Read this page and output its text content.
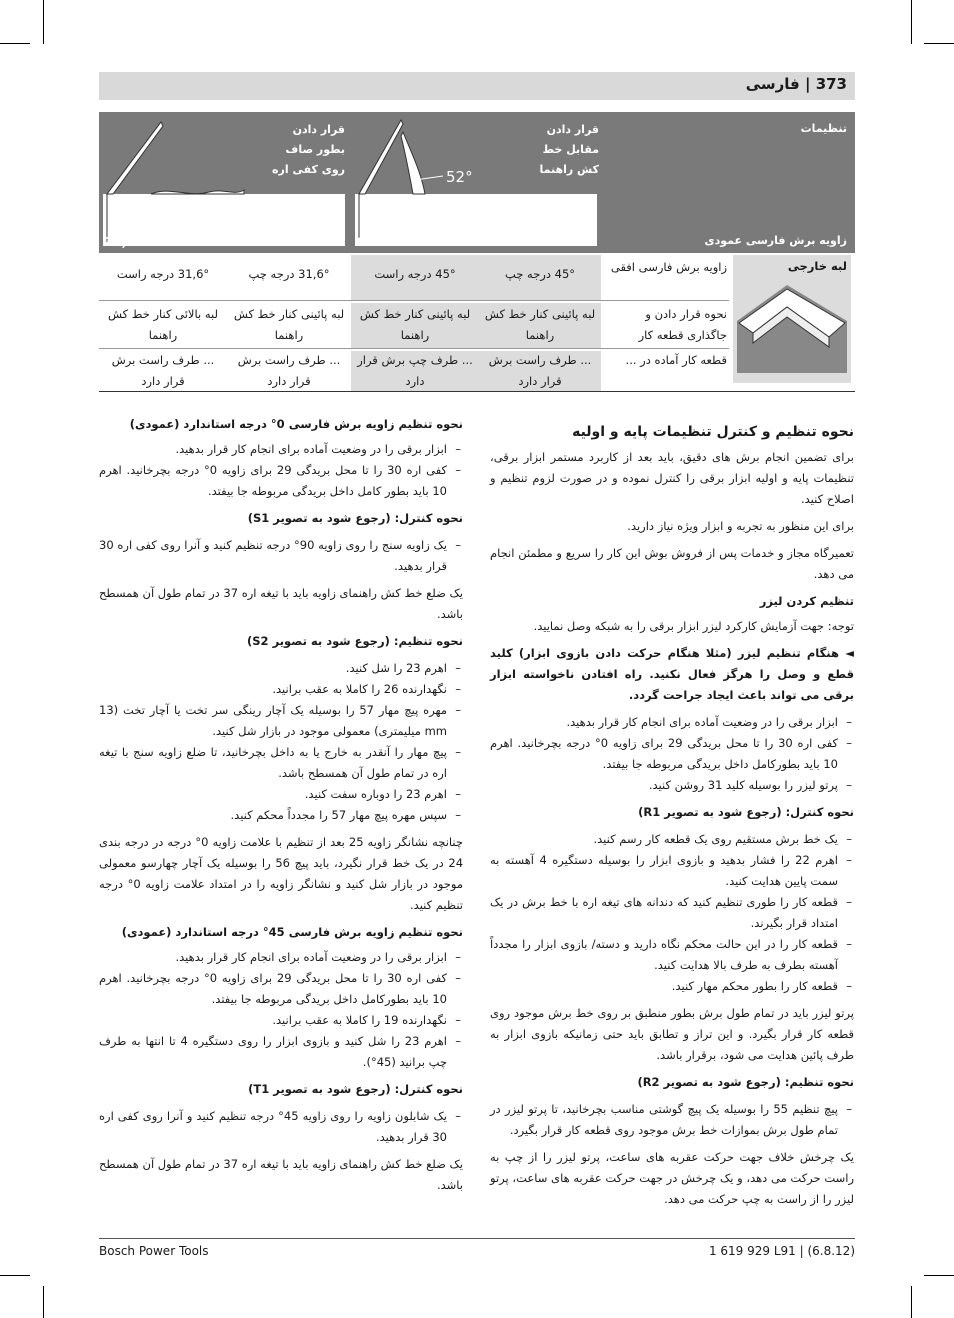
373 | فارسی
قرار دادن
بطور صاف
روی کفی اره
33,9°
52°
قرار دادن
مقابل خط
کش راهنما
0°
تنظیمات
زاویه برش فارسی عمودی
لبه خارجی
زاویه برش فارسی افقی
45° درجه چپ
45° درجه راست
31,6° درجه چپ
31,6° درجه راست
نحوه قرار دادن و جاگذاری قطعه کار
لبه پائینی کنار خط کش راهنما
لبه پائینی کنار خط کش راهنما
لبه پائینی کنار خط کش راهنما
لبه بالائی کنار خط کش راهنما
قطعه کار آماده در ...
... طرف راست برش قرار دارد
... طرف چپ برش قرار دارد
... طرف راست برش قرار دارد
... طرف راست برش قرار دارد
نحوه تنظیم و کنترل تنظیمات پایه و اولیه

برای تضمین انجام برش های دقیق، باید بعد از کاربرد مستمر ابزار برقی، تنظیمات پایه و اولیه ابزار برقی را کنترل نموده و در صورت لزوم تنظیم و اصلاح کنید.

برای این منظور به تجربه و ابزار ویژه نیاز دارید.

تعمیرگاه مجاز و خدمات پس از فروش بوش این کار را سریع و مطمئن انجام می دهد.

تنظیم کردن لیزر

توجه: جهت آزمایش کارکرد لیزر ابزار برقی را به شبکه وصل نمایید.

◄ هنگام تنظیم لیزر (مثلا هنگام حرکت دادن بازوی ابزار) کلید قطع و وصل را هرگز فعال نکنید. راه افتادن ناخواسته ابزار برقی می تواند باعث ایجاد جراحت گردد.

– ابزار برقی را در وضعیت آماده برای انجام کار قرار بدهید.
– کفی اره 30 را تا محل بریدگی 29 برای زاویه 0° درجه بچرخانید. اهرم 10 باید بطورکامل داخل بریدگی مربوطه جا بیفتد.
– پرتو لیزر را بوسیله کلید 31 روشن کنید.

نحوه کنترل: (رجوع شود به تصویر R1)

– یک خط برش مستقیم روی یک قطعه کار رسم کنید.
– اهرم 22 را فشار بدهید و بازوی ابزار را بوسیله دستگیره 4 آهسته به سمت پایین هدایت کنید.
– قطعه کار را طوری تنظیم کنید که دندانه های تیغه اره با خط برش در یک امتداد قرار بگیرند.
– قطعه کار را در این حالت محکم نگاه دارید و دسته/ بازوی ابزار را مجدداً آهسته بطرف به طرف بالا هدایت کنید.
– قطعه کار را بطور محکم مهار کنید.

پرتو لیزر باید در تمام طول برش بطور منطبق بر روی خط برش موجود روی قطعه کار قرار بگیرد. و این تراز و تطابق باید حتی زمانیکه بازوی ابزار به طرف پائین هدایت می شود، برقرار باشد.

نحوه تنظیم: (رجوع شود به تصویر R2)

– پیچ تنظیم 55 را بوسیله یک پیچ گوشتی مناسب بچرخانید، تا پرتو لیزر در تمام طول برش بموازات خط برش موجود روی قطعه کار قرار بگیرد.

یک چرخش خلاف جهت حرکت عقربه های ساعت، پرتو لیزر را از چپ به راست حرکت می دهد، و یک چرخش در جهت حرکت عقربه های ساعت، پرتو لیزر را از راست به چپ حرکت می دهد.

نحوه تنظیم زاویه برش فارسی 0° درجه استاندارد (عمودی)
– ابزار برقی را در وضعیت آماده برای انجام کار قرار بدهید.
– کفی اره 30 را تا محل بریدگی 29 برای زاویه 0° درجه بچرخانید. اهرم 10 باید بطور کامل داخل بریدگی مربوطه جا بیفتد.

نحوه کنترل: (رجوع شود به تصویر S1)

– یک زاویه سنج را روی زاویه 90° درجه تنظیم کنید و آنرا روی کفی اره 30 قرار بدهید.

یک ضلع خط کش راهنمای زاویه باید با تیغه اره 37 در تمام طول آن همسطح باشد.

نحوه تنظیم: (رجوع شود به تصویر S2)

– اهرم 23 را شل کنید.
– نگهدارنده 26 را کاملا به عقب برانید.
– مهره پیچ مهار 57 را بوسیله یک آچار رینگی سر تخت یا آچار تخت (13 mm میلیمتری) معمولی موجود در بازار شل کنید.
– پیچ مهار را آنقدر به خارج یا به داخل بچرخانید، تا ضلع زاویه سنج با تیغه اره در تمام طول آن همسطح باشد.
– اهرم 23 را دوباره سفت کنید.
– سپس مهره پیچ مهار 57 را مجدداً محکم کنید.

چنانچه نشانگر زاویه 25 بعد از تنظیم با علامت زاویه 0° درجه در درجه بندی 24 در یک خط قرار نگیرد، باید پیچ 56 را بوسیله یک آچار چهارسو معمولی موجود در بازار شل کنید و نشانگر زاویه را در امتداد علامت زاویه 0° درجه تنظیم کنید.

نحوه تنظیم زاویه برش فارسی 45° درجه استاندارد (عمودی)
– ابزار برقی را در وضعیت آماده برای انجام کار قرار بدهید.
– کفی اره 30 را تا محل بریدگی 29 برای زاویه 0° درجه بچرخانید. اهرم 10 باید بطورکامل داخل بریدگی مربوطه جا بیفتد.
– نگهدارنده 19 را کاملا به عقب برانید.
– اهرم 23 را شل کنید و بازوی ابزار را روی دستگیره 4 تا انتها به طرف چپ برانید (45°).

نحوه کنترل: (رجوع شود به تصویر T1)

– یک شابلون زاویه را روی زاویه 45° درجه تنظیم کنید و آنرا روی کفی اره 30 قرار بدهید.

یک ضلع خط کش راهنمای زاویه باید با تیغه اره 37 در تمام طول آن همسطح باشد.

Bosch Power Tools	1 619 929 L91 | (6.8.12)
